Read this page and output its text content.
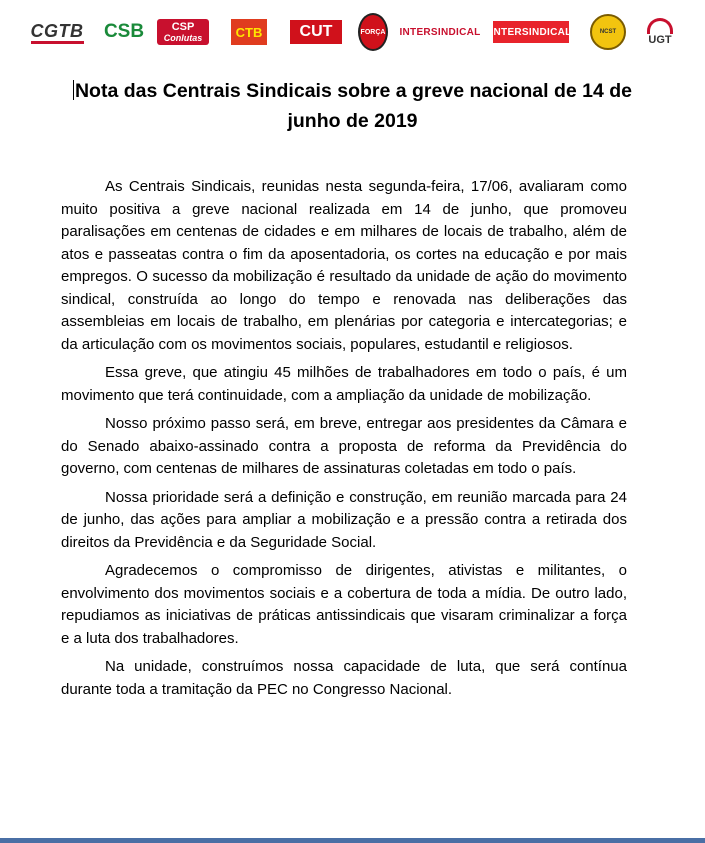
CGTB CSB	CSP
Conlutas	CTB	CUT	FORÇA INTERSINDICAL INTERSINDICAL	NCST
UGT
Nota das Centrais Sindicais sobre a greve nacional de 14 de junho de 2019

As Centrais Sindicais, reunidas nesta segunda-feira, 17/06, avaliaram como muito positiva a greve nacional realizada em 14 de junho, que promoveu paralisações em centenas de cidades e em milhares de locais de trabalho, além de atos e passeatas contra o fim da aposentadoria, os cortes na educação e por mais empregos. O sucesso da mobilização é resultado da unidade de ação do movimento sindical, construída ao longo do tempo e renovada nas deliberações das assembleias em locais de trabalho, em plenárias por categoria e intercategorias; e da articulação com os movimentos sociais, populares, estudantil e religiosos.

Essa greve, que atingiu 45 milhões de trabalhadores em todo o país, é um movimento que terá continuidade, com a ampliação da unidade de mobilização.

Nosso próximo passo será, em breve, entregar aos presidentes da Câmara e do Senado abaixo-assinado contra a proposta de reforma da Previdência do governo, com centenas de milhares de assinaturas coletadas em todo o país.

Nossa prioridade será a definição e construção, em reunião marcada para 24 de junho, das ações para ampliar a mobilização e a pressão contra a retirada dos direitos da Previdência e da Seguridade Social.

Agradecemos o compromisso de dirigentes, ativistas e militantes, o envolvimento dos movimentos sociais e a cobertura de toda a mídia. De outro lado, repudiamos as iniciativas de práticas antissindicais que visaram criminalizar a força e a luta dos trabalhadores.

Na unidade, construímos nossa capacidade de luta, que será contínua durante toda a tramitação da PEC no Congresso Nacional.
